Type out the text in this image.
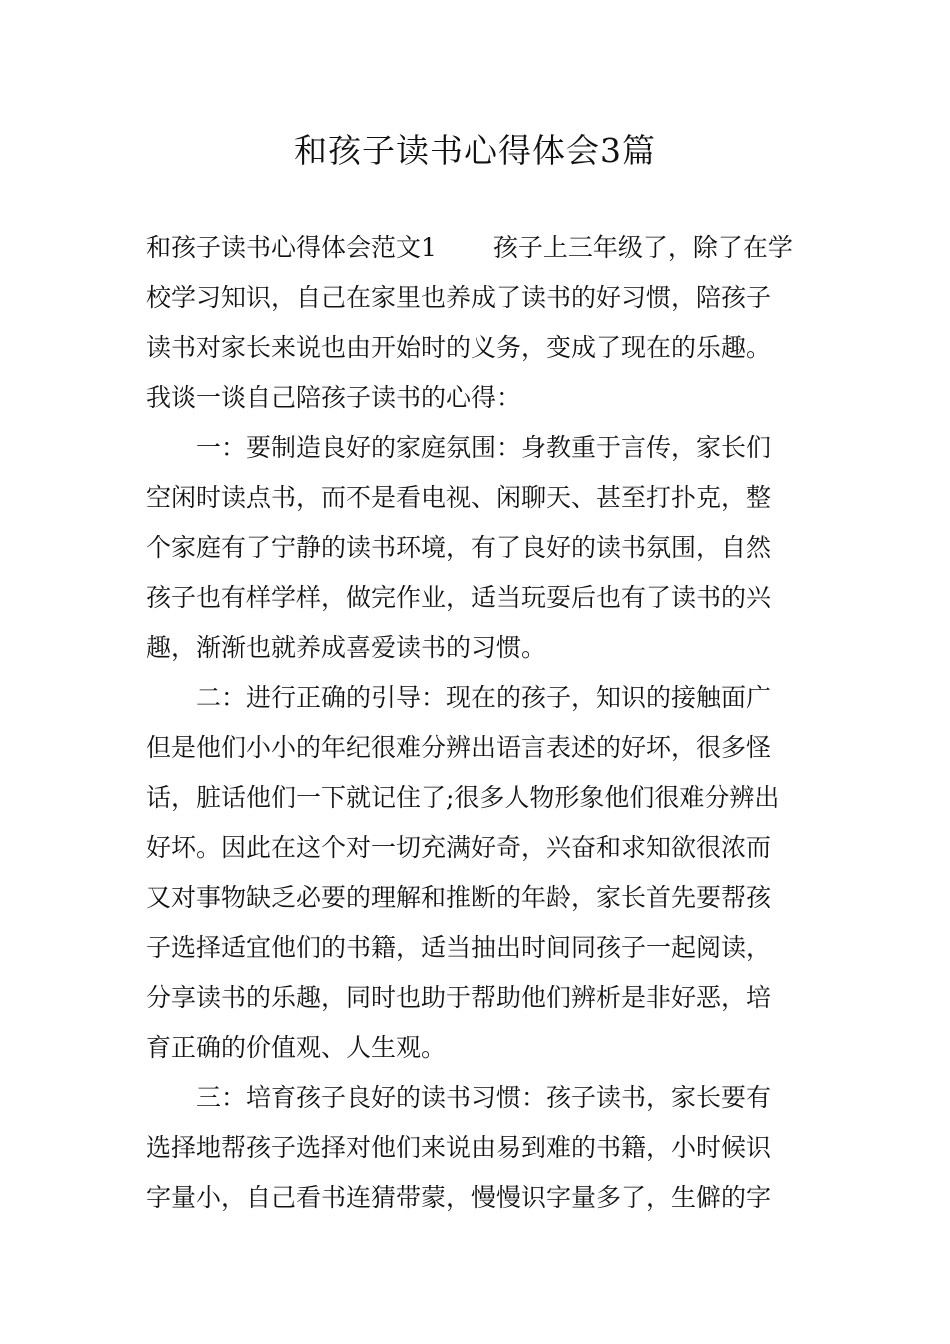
和孩子读书心得体会3篇

和孩子读书心得体会范文1 孩子上三年级了，除了在学

校学习知识，自己在家里也养成了读书的好习惯，陪孩子

读书对家长来说也由开始时的义务，变成了现在的乐趣。

我谈一谈自己陪孩子读书的心得：

一：要制造良好的家庭氛围：身教重于言传，家长们

空闲时读点书，而不是看电视、闲聊天、甚至打扑克，整

个家庭有了宁静的读书环境，有了良好的读书氛围，自然

孩子也有样学样，做完作业，适当玩耍后也有了读书的兴

趣，渐渐也就养成喜爱读书的习惯。

二：进行正确的引导：现在的孩子，知识的接触面广

但是他们小小的年纪很难分辨出语言表述的好坏，很多怪

话，脏话他们一下就记住了;很多人物形象他们很难分辨出

好坏。因此在这个对一切充满好奇，兴奋和求知欲很浓而

又对事物缺乏必要的理解和推断的年龄，家长首先要帮孩

子选择适宜他们的书籍，适当抽出时间同孩子一起阅读，

分享读书的乐趣，同时也助于帮助他们辨析是非好恶，培

育正确的价值观、人生观。

三：培育孩子良好的读书习惯：孩子读书，家长要有

选择地帮孩子选择对他们来说由易到难的书籍，小时候识

字量小，自己看书连猜带蒙，慢慢识字量多了，生僻的字
